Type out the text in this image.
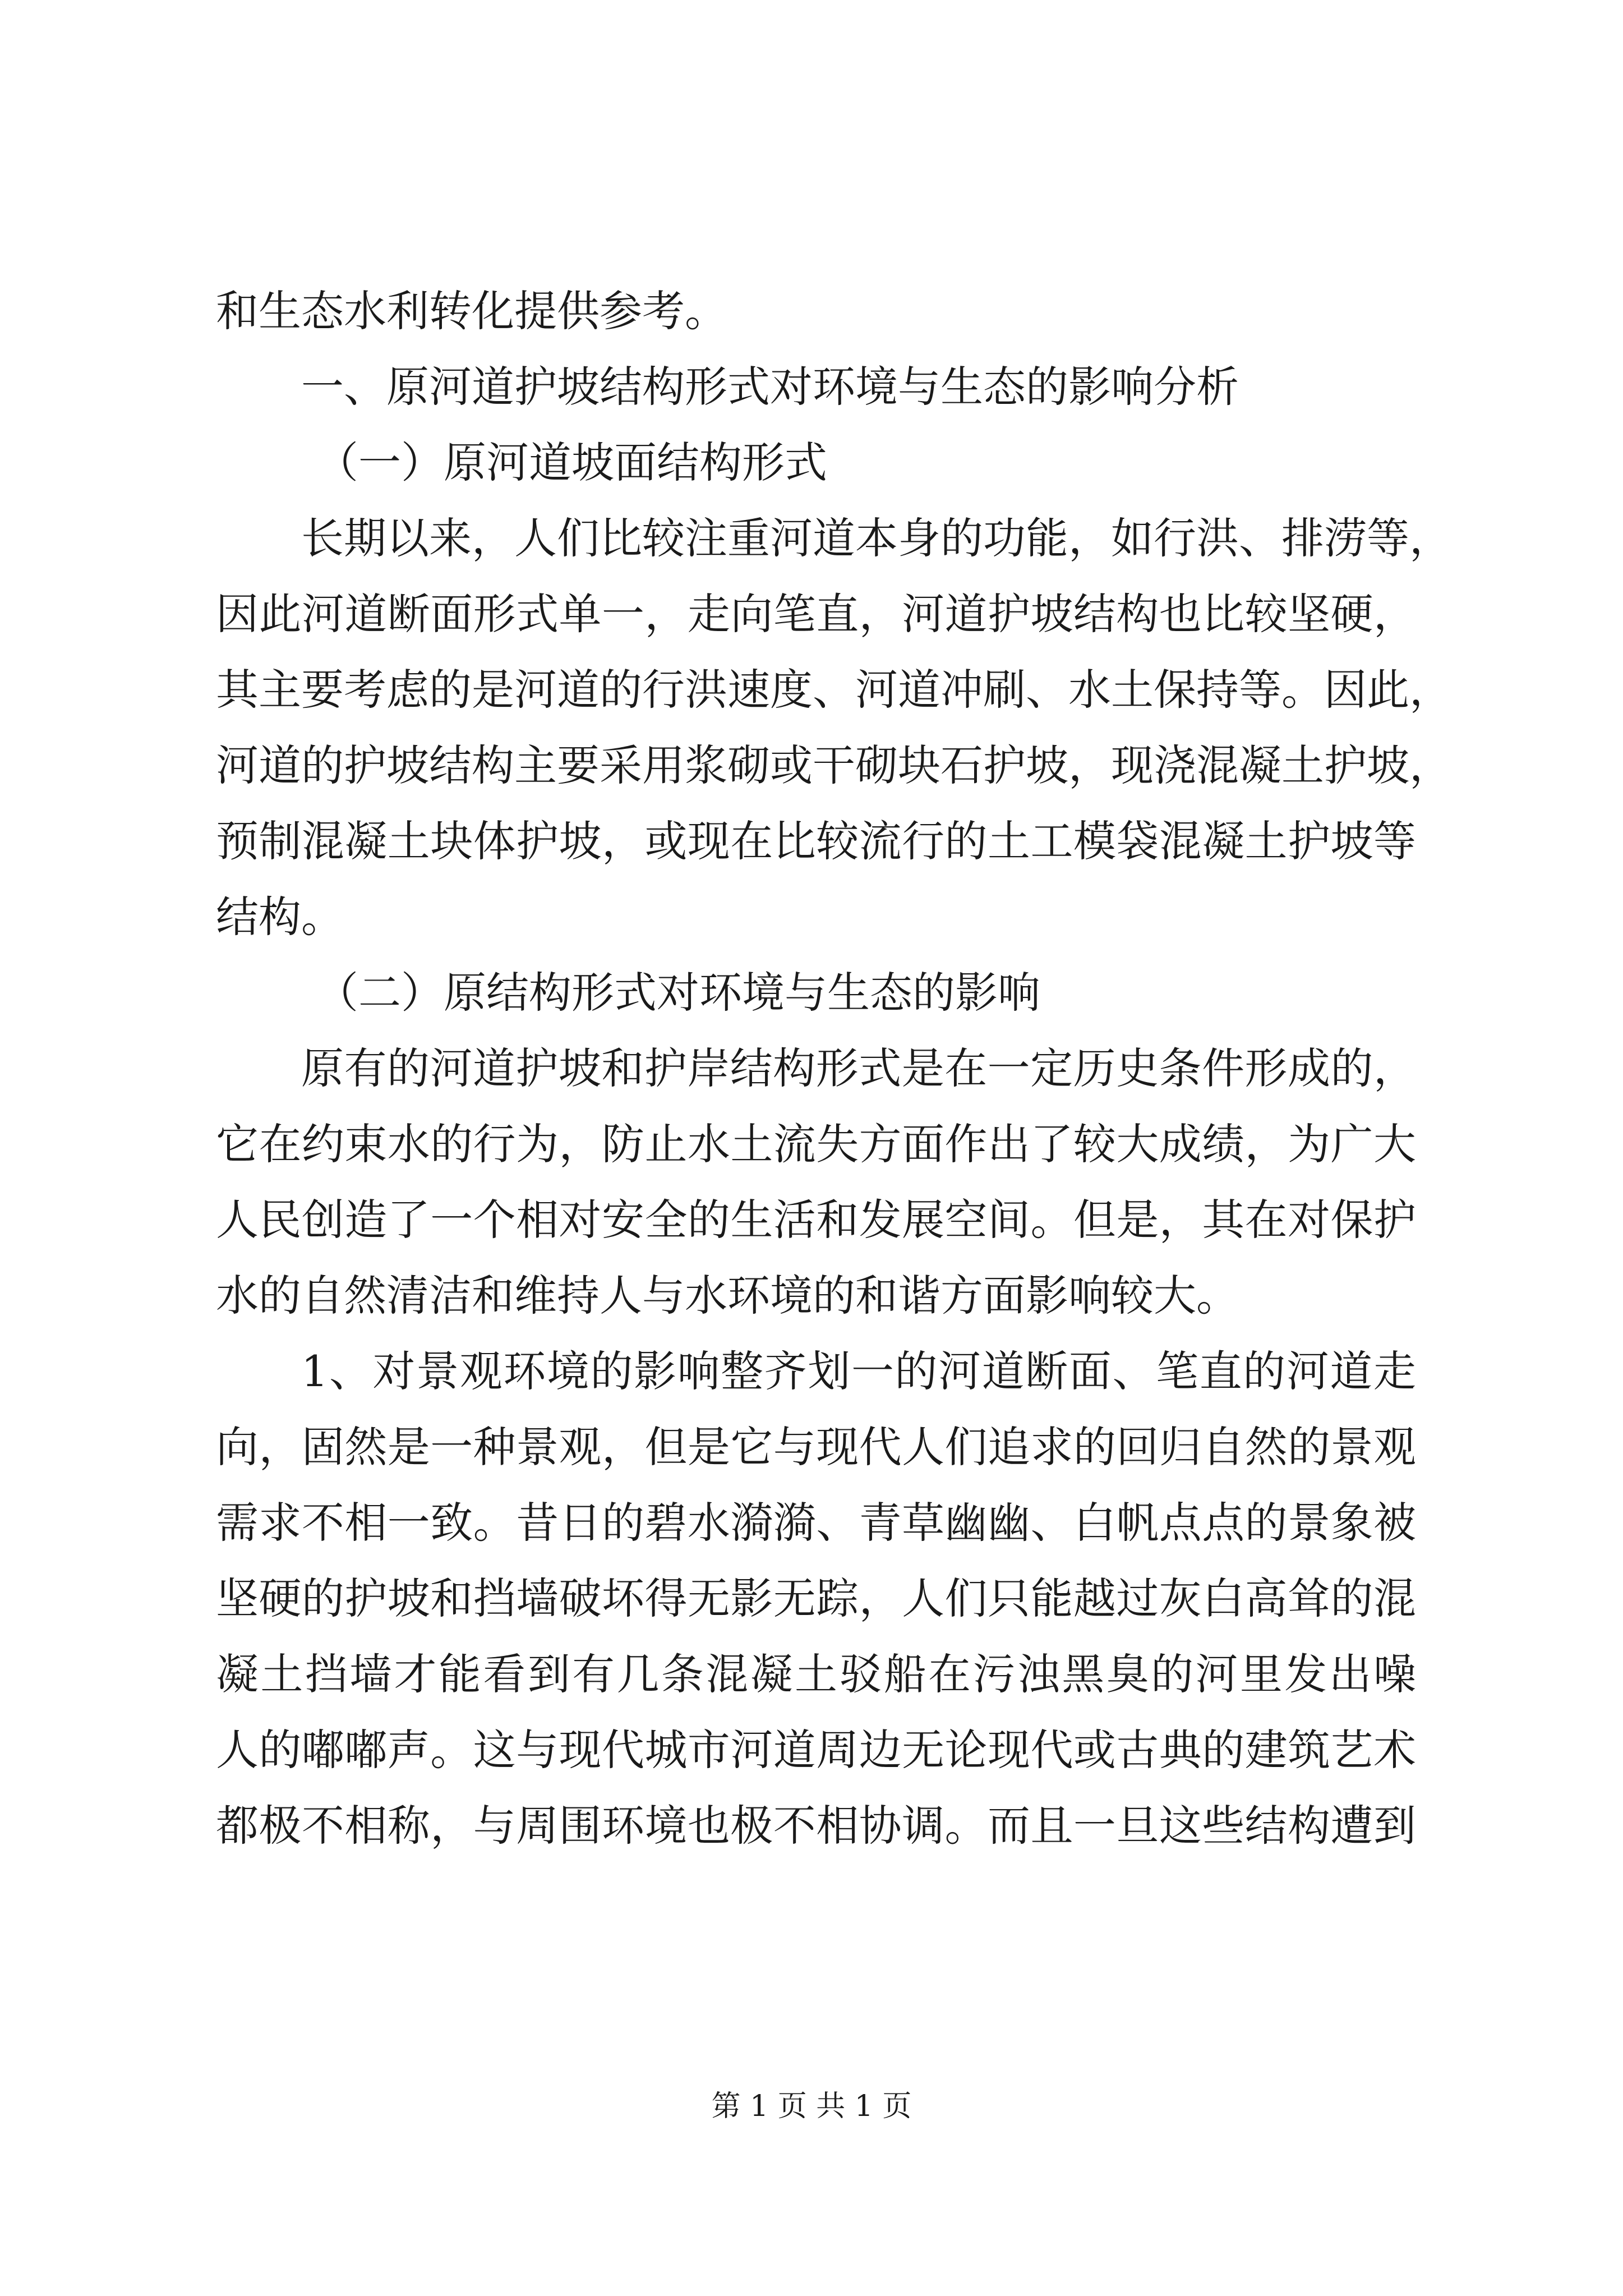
和生态水利转化提供参考。
一、原河道护坡结构形式对环境与生态的影响分析
（一）原河道坡面结构形式
长期以来，人们比较注重河道本身的功能，如行洪、排涝等，
因此河道断面形式单一，走向笔直，河道护坡结构也比较坚硬，
其主要考虑的是河道的行洪速度、河道冲刷、水土保持等。因此，
河道的护坡结构主要采用浆砌或干砌块石护坡，现浇混凝土护坡，
预制混凝土块体护坡，或现在比较流行的土工模袋混凝土护坡等
结构。
（二）原结构形式对环境与生态的影响
原有的河道护坡和护岸结构形式是在一定历史条件形成的，
它在约束水的行为，防止水土流失方面作出了较大成绩，为广大
人民创造了一个相对安全的生活和发展空间。但是，其在对保护
水的自然清洁和维持人与水环境的和谐方面影响较大。
1、对景观环境的影响整齐划一的河道断面、笔直的河道走
向，固然是一种景观，但是它与现代人们追求的回归自然的景观
需求不相一致。昔日的碧水漪漪、青草幽幽、白帆点点的景象被
坚硬的护坡和挡墙破坏得无影无踪，人们只能越过灰白高耸的混
凝土挡墙才能看到有几条混凝土驳船在污浊黑臭的河里发出噪
人的嘟嘟声。这与现代城市河道周边无论现代或古典的建筑艺术
都极不相称，与周围环境也极不相协调。而且一旦这些结构遭到
第 1 页 共 1 页
